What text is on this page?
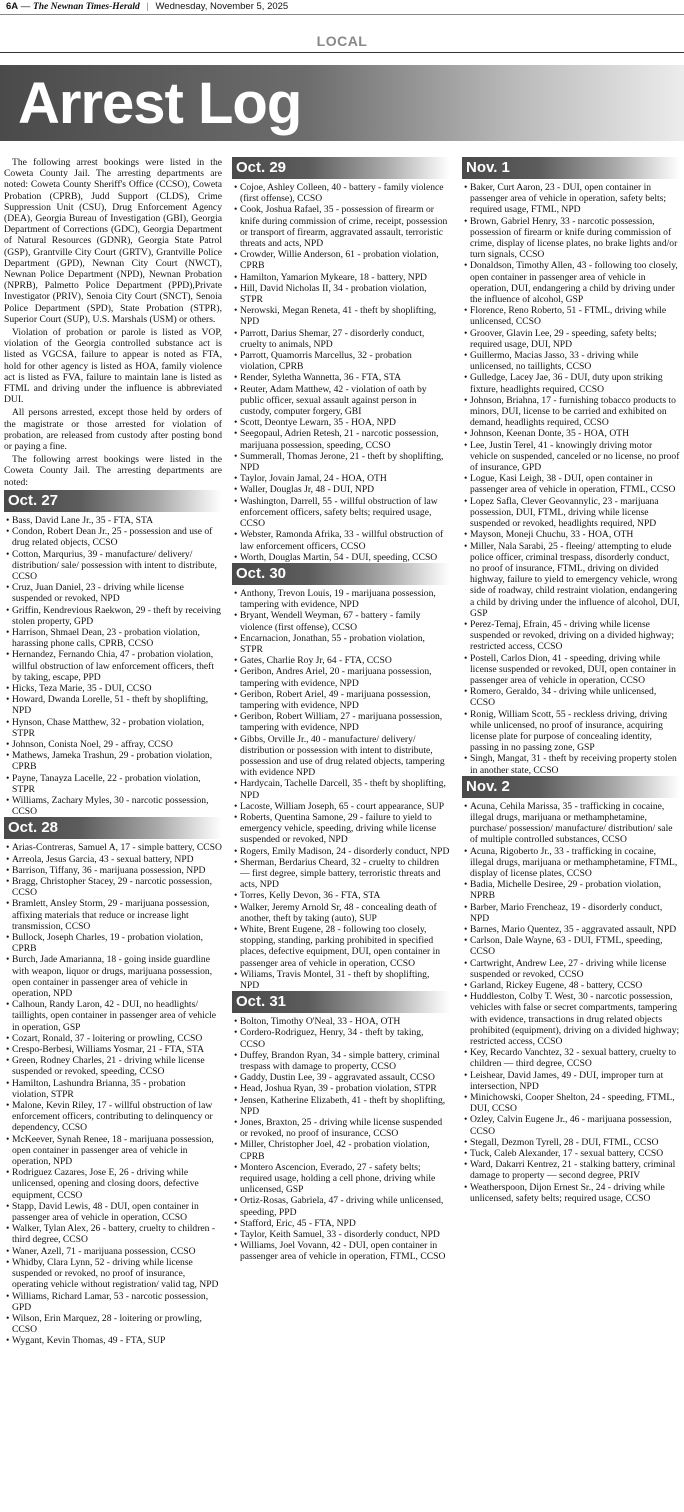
6A — The Newnan Times-Herald | Wednesday, November 5, 2025
LOCAL
Arrest Log

The following arrest bookings were listed in the Coweta County Jail. The arresting departments are noted: Coweta County Sheriff's Office (CCSO), Coweta Probation (CPRB), Judd Support (CLDS), Crime Suppression Unit (CSU), Drug Enforcement Agency (DEA), Georgia Bureau of Investigation (GBI), Georgia Department of Corrections (GDC), Georgia Department of Natural Resources (GDNR), Georgia State Patrol (GSP), Grantville City Court (GRTV), Grantville Police Department (GPD), Newnan City Court (NWCT), Newnan Police Department (NPD), Newnan Probation (NPRB), Palmetto Police Department (PPD),Private Investigator (PRIV), Senoia City Court (SNCT), Senoia Police Department (SPD), State Probation (STPR), Superior Court (SUP), U.S. Marshals (USM) or others.

Violation of probation or parole is listed as VOP, violation of the Georgia controlled substance act is listed as VGCSA, failure to appear is noted as FTA, hold for other agency is listed as HOA, family violence act is listed as FVA, failure to maintain lane is listed as FTML and driving under the influence is abbreviated DUI.

All persons arrested, except those held by orders of the magistrate or those arrested for violation of probation, are released from custody after posting bond or paying a fine.

The following arrest bookings were listed in the Coweta County Jail. The arresting departments are noted:

Oct. 27
• Bass, David Lane Jr., 35 - FTA, STA
• Condon, Robert Dean Jr., 25 - possession and use of drug related objects, CCSO
• Cotton, Marqurius, 39 - manufacture/ delivery/ distribution/ sale/ possession with intent to distribute, CCSO
• Cruz, Juan Daniel, 23 - driving while license suspended or revoked, NPD
• Griffin, Kendrevious Raekwon, 29 - theft by receiving stolen property, GPD
• Harrison, Shmael Dean, 23 - probation violation, harassing phone calls, CPRB, CCSO
• Hernandez, Fernando Chia, 47 - probation violation, willful obstruction of law enforcement officers, theft by taking, escape, PPD
• Hicks, Teza Marie, 35 - DUI, CCSO
• Howard, Dwanda Lorelle, 51 - theft by shoplifting, NPD
• Hynson, Chase Matthew, 32 - probation violation, STPR
• Johnson, Conista Noel, 29 - affray, CCSO
• Mathews, Jameka Trashun, 29 - probation violation, CPRB
• Payne, Tanayza Lacelle, 22 - probation violation, STPR
• Williams, Zachary Myles, 30 - narcotic possession, CCSO
Oct. 28
• Arias-Contreras, Samuel A, 17 - simple battery, CCSO
• Arreola, Jesus Garcia, 43 - sexual battery, NPD
• Barrison, Tiffany, 36 - marijuana possession, NPD
• Bragg, Christopher Stacey, 29 - narcotic possession, CCSO
• Bramlett, Ansley Storm, 29 - marijuana possession, affixing materials that reduce or increase light transmission, CCSO
• Bullock, Joseph Charles, 19 - probation violation, CPRB
• Burch, Jade Amarianna, 18 - going inside guardline with weapon, liquor or drugs, marijuana possession, open container in passenger area of vehicle in operation, NPD
• Calhoun, Randy Laron, 42 - DUI, no headlights/ taillights, open container in passenger area of vehicle in operation, GSP
• Cozart, Ronald, 37 - loitering or prowling, CCSO
• Crespo-Berbesi, Williams Yosmar, 21 - FTA, STA
• Green, Rodney Charles, 21 - driving while license suspended or revoked, speeding, CCSO
• Hamilton, Lashundra Brianna, 35 - probation violation, STPR
• Malone, Kevin Riley, 17 - willful obstruction of law enforcement officers, contributing to delinquency or dependency, CCSO
• McKeever, Synah Renee, 18 - marijuana possession, open container in passenger area of vehicle in operation, NPD
• Rodriguez Cazares, Jose E, 26 - driving while unlicensed, opening and closing doors, defective equipment, CCSO
• Stapp, David Lewis, 48 - DUI, open container in passenger area of vehicle in operation, CCSO
• Walker, Tylan Alex, 26 - battery, cruelty to children - third degree, CCSO
• Waner, Azell, 71 - marijuana possession, CCSO
• Whidby, Clara Lynn, 52 - driving while license suspended or revoked, no proof of insurance, operating vehicle without registration/ valid tag, NPD
• Williams, Richard Lamar, 53 - narcotic possession, GPD
• Wilson, Erin Marquez, 28 - loitering or prowling, CCSO
• Wygant, Kevin Thomas, 49 - FTA, SUP
Oct. 29
• Cojoe, Ashley Colleen, 40 - battery - family violence (first offense), CCSO
• Cook, Joshua Rafael, 35 - possession of firearm or knife during commission of crime, receipt, possession or transport of firearm, aggravated assault, terroristic threats and acts, NPD
• Crowder, Willie Anderson, 61 - probation violation, CPRB
• Hamilton, Yamarion Mykeare, 18 - battery, NPD
• Hill, David Nicholas II, 34 - probation violation, STPR
• Nerowski, Megan Reneta, 41 - theft by shoplifting, NPD
• Parrott, Darius Shemar, 27 - disorderly conduct, cruelty to animals, NPD
• Parrott, Quamorris Marcellus, 32 - probation violation, CPRB
• Render, Syletha Wannetta, 36 - FTA, STA
• Reuter, Adam Matthew, 42 - violation of oath by public officer, sexual assault against person in custody, computer forgery, GBI
• Scott, Deontye Lewarn, 35 - HOA, NPD
• Seegopaul, Adrien Retesh, 21 - narcotic possession, marijuana possession, speeding, CCSO
• Summerall, Thomas Jerone, 21 - theft by shoplifting, NPD
• Taylor, Jovain Jamal, 24 - HOA, OTH
• Waller, Douglas Jr, 48 - DUI, NPD
• Washington, Darrell, 55 - willful obstruction of law enforcement officers, safety belts; required usage, CCSO
• Webster, Ramonda Afrika, 33 - willful obstruction of law enforcement officers, CCSO
• Worth, Douglas Martin, 54 - DUI, speeding, CCSO
Oct. 30
• Anthony, Trevon Louis, 19 - marijuana possession, tampering with evidence, NPD
• Bryant, Wendell Weyman, 67 - battery - family violence (first offense), CCSO
• Encarnacion, Jonathan, 55 - probation violation, STPR
• Gates, Charlie Roy Jr, 64 - FTA, CCSO
• Geribon, Andres Ariel, 20 - marijuana possession, tampering with evidence, NPD
• Geribon, Robert Ariel, 49 - marijuana possession, tampering with evidence, NPD
• Geribon, Robert William, 27 - marijuana possession, tampering with evidence, NPD
• Gibbs, Orville Jr., 40 - manufacture/ delivery/ distribution or possession with intent to distribute, possession and use of drug related objects, tampering with evidence NPD
• Hardycain, Tachelle Darcell, 35 - theft by shoplifting, NPD
• Lacoste, William Joseph, 65 - court appearance, SUP
• Roberts, Quentina Samone, 29 - failure to yield to emergency vehicle, speeding, driving while license suspended or revoked, NPD
• Rogers, Emily Madison, 24 - disorderly conduct, NPD
• Sherman, Berdarius Cheard, 32 - cruelty to children — first degree, simple battery, terroristic threats and acts, NPD
• Torres, Kelly Devon, 36 - FTA, STA
• Walker, Jeremy Arnold Sr, 48 - concealing death of another, theft by taking (auto), SUP
• White, Brent Eugene, 28 - following too closely, stopping, standing, parking prohibited in specified places, defective equipment, DUI, open container in passenger area of vehicle in operation, CCSO
• Wiliams, Travis Montel, 31 - theft by shoplifting, NPD
Oct. 31
• Bolton, Timothy O'Neal, 33 - HOA, OTH
• Cordero-Rodriguez, Henry, 34 - theft by taking, CCSO
• Duffey, Brandon Ryan, 34 - simple battery, criminal trespass with damage to property, CCSO
• Gaddy, Dustin Lee, 39 - aggravated assault, CCSO
• Head, Joshua Ryan, 39 - probation violation, STPR
• Jensen, Katherine Elizabeth, 41 - theft by shoplifting, NPD
• Jones, Braxton, 25 - driving while license suspended or revoked, no proof of insurance, CCSO
• Miller, Christopher Joel, 42 - probation violation, CPRB
• Montero Ascencion, Everado, 27 - safety belts; required usage, holding a cell phone, driving while unlicensed, GSP
• Ortiz-Rosas, Gabriela, 47 - driving while unlicensed, speeding, PPD
• Stafford, Eric, 45 - FTA, NPD
• Taylor, Keith Samuel, 33 - disorderly conduct, NPD
• Williams, Joel Vovann, 42 - DUI, open container in passenger area of vehicle in operation, FTML, CCSO
Nov. 1
• Baker, Curt Aaron, 23 - DUI, open container in passenger area of vehicle in operation, safety belts; required usage, FTML, NPD
• Brown, Gabriel Henry, 33 - narcotic possession, possession of firearm or knife during commission of crime, display of license plates, no brake lights and/or turn signals, CCSO
• Donaldson, Timothy Allen, 43 - following too closely, open container in passenger area of vehicle in operation, DUI, endangering a child by driving under the influence of alcohol, GSP
• Florence, Reno Roberto, 51 - FTML, driving while unlicensed, CCSO
• Groover, Glavin Lee, 29 - speeding, safety belts; required usage, DUI, NPD
• Guillermo, Macias Jasso, 33 - driving while unlicensed, no taillights, CCSO
• Gulledge, Lacey Jae, 36 - DUI, duty upon striking fixture, headlights required, CCSO
• Johnson, Briahna, 17 - furnishing tobacco products to minors, DUI, license to be carried and exhibited on demand, headlights required, CCSO
• Johnson, Keenan Donte, 35 - HOA, OTH
• Lee, Justin Terel, 41 - knowingly driving motor vehicle on suspended, canceled or no license, no proof of insurance, GPD
• Logue, Kasi Leigh, 38 - DUI, open container in passenger area of vehicle in operation, FTML, CCSO
• Lopez Safla, Clever Geovannylic, 23 - marijuana possession, DUI, FTML, driving while license suspended or revoked, headlights required, NPD
• Mayson, Moneji Chuchu, 33 - HOA, OTH
• Miller, Nala Sarabi, 25 - fleeing/ attempting to elude police officer, criminal trespass, disorderly conduct, no proof of insurance, FTML, driving on divided highway, failure to yield to emergency vehicle, wrong side of roadway, child restraint violation, endangering a child by driving under the influence of alcohol, DUI, GSP
• Perez-Temaj, Efrain, 45 - driving while license suspended or revoked, driving on a divided highway; restricted access, CCSO
• Postell, Carlos Dion, 41 - speeding, driving while license suspended or revoked, DUI, open container in passenger area of vehicle in operation, CCSO
• Romero, Geraldo, 34 - driving while unlicensed, CCSO
• Ronig, William Scott, 55 - reckless driving, driving while unlicensed, no proof of insurance, acquiring license plate for purpose of concealing identity, passing in no passing zone, GSP
• Singh, Mangat, 31 - theft by receiving property stolen in another state, CCSO
Nov. 2
• Acuna, Cehila Marissa, 35 - trafficking in cocaine, illegal drugs, marijuana or methamphetamine, purchase/ possession/ manufacture/ distribution/ sale of multiple controlled substances, CCSO
• Acuna, Rigoberto Jr., 33 - trafficking in cocaine, illegal drugs, marijuana or methamphetamine, FTML, display of license plates, CCSO
• Badia, Michelle Desiree, 29 - probation violation, NPRB
• Barber, Mario Frencheaz, 19 - disorderly conduct, NPD
• Barnes, Mario Quentez, 35 - aggravated assault, NPD
• Carlson, Dale Wayne, 63 - DUI, FTML, speeding, CCSO
• Cartwright, Andrew Lee, 27 - driving while license suspended or revoked, CCSO
• Garland, Rickey Eugene, 48 - battery, CCSO
• Huddleston, Colby T. West, 30 - narcotic possession, vehicles with false or secret compartments, tampering with evidence, transactions in drug related objects prohibited (equipment), driving on a divided highway; restricted access, CCSO
• Key, Recardo Vanchtez, 32 - sexual battery, cruelty to children — third degree, CCSO
• Leishear, David James, 49 - DUI, improper turn at intersection, NPD
• Minichowski, Cooper Shelton, 24 - speeding, FTML, DUI, CCSO
• Ozley, Calvin Eugene Jr., 46 - marijuana possession, CCSO
• Stegall, Dezmon Tyrell, 28 - DUI, FTML, CCSO
• Tuck, Caleb Alexander, 17 - sexual battery, CCSO
• Ward, Dakarri Kentrez, 21 - stalking battery, criminal damage to property — second degree, PRIV
• Weatherspoon, Dijon Ernest Sr., 24 - driving while unlicensed, safety belts; required usage, CCSO
